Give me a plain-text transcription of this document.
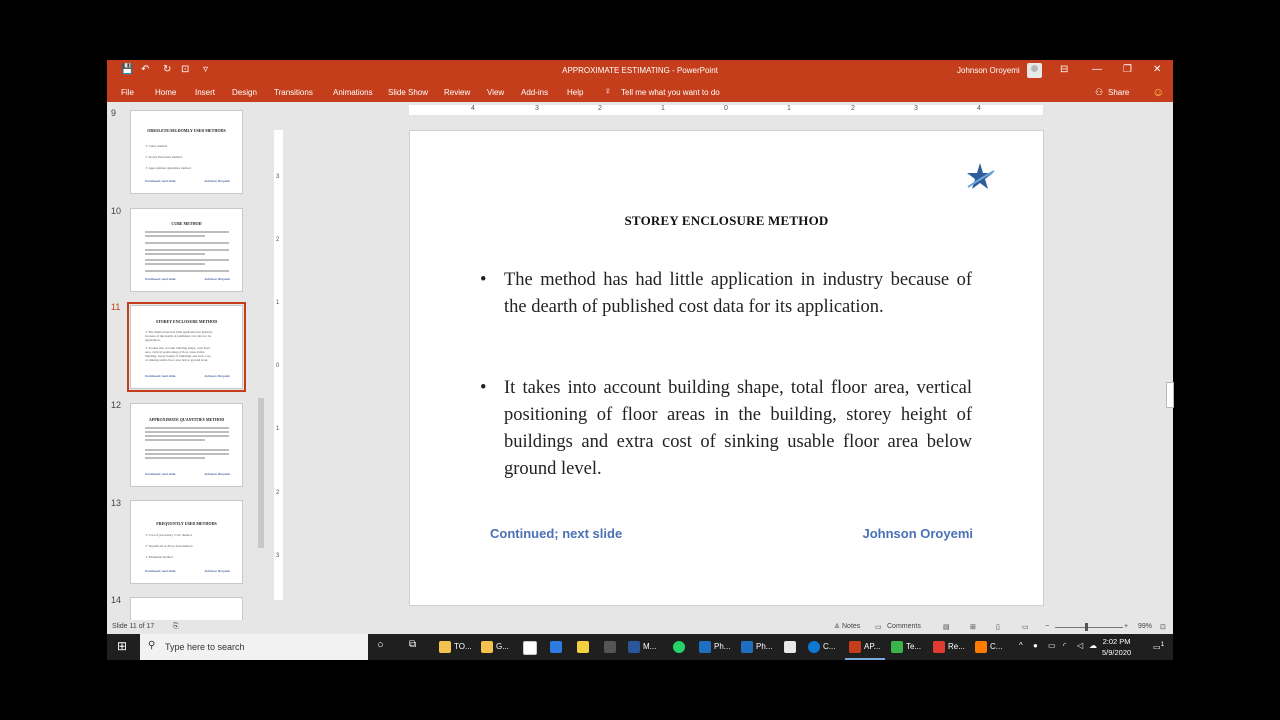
💾 ↶ ↻ ⊡ ▿	APPROXIMATE ESTIMATING - PowerPoint	Johnson Oroyemi	⊟ — ❐ ✕
File	Home Insert Design Transitions	Animations Slide Show Review View Add-ins Help ♀ Tell me what you want to do	⚇ Share ☺
9
OBSOLETE/SELDOMLY USED METHODS
➢ Cubic method
➢ Storey Enclosure method
➢ Approximate Quantities method
Continued; next slide	Johnson Oroyemi
10
CUBE METHOD
Continued; next slide	Johnson Oroyemi
11
STOREY ENCLOSURE METHOD
➢ The method has had little application in industry
because of the dearth of published cost data for its
application.
➢ It takes into account building shape, total floor
area, vertical positioning of floor areas in the
building, storey height of buildings and extra cost
of sinking usable floor area below ground level.
Continued; next slide	Johnson Oroyemi
12
APPROXIMATE QUANTITIES METHOD
Continued; next slide	Johnson Oroyemi
13
FREQUENTLY USED METHODS
➢ Cost of previously 'Cost' method
➢ Superficial or Floor Area method
➢ Elemental method
Continued; next slide	Johnson Oroyemi
14
4	3	2	1	0	1	2	3	4
3
2
1
0
1
2
3
STOREY ENCLOSURE METHOD
• The method has had little application in industry because of the dearth of published cost data for its application.

• It takes into account building shape, total floor area, vertical positioning of floor areas in the building, storey height of buildings and extra cost of sinking usable floor area below ground level.

Continued; next slide	Johnson Oroyemi
Slide 11 of 17	⎘	≙ Notes ▭ Comments	▤	⊞	▯	▭ −	+ 99% ⊡
⊞ ⚲ Type here to search	○	⧉	TO...	G...	M...	Ph...	Ph...	C...	AP...	Te...	Re...	C... ^ ● ▭ ◜ ◁ ☁ 2:02 PM
5/9/2020
▭$^1$
